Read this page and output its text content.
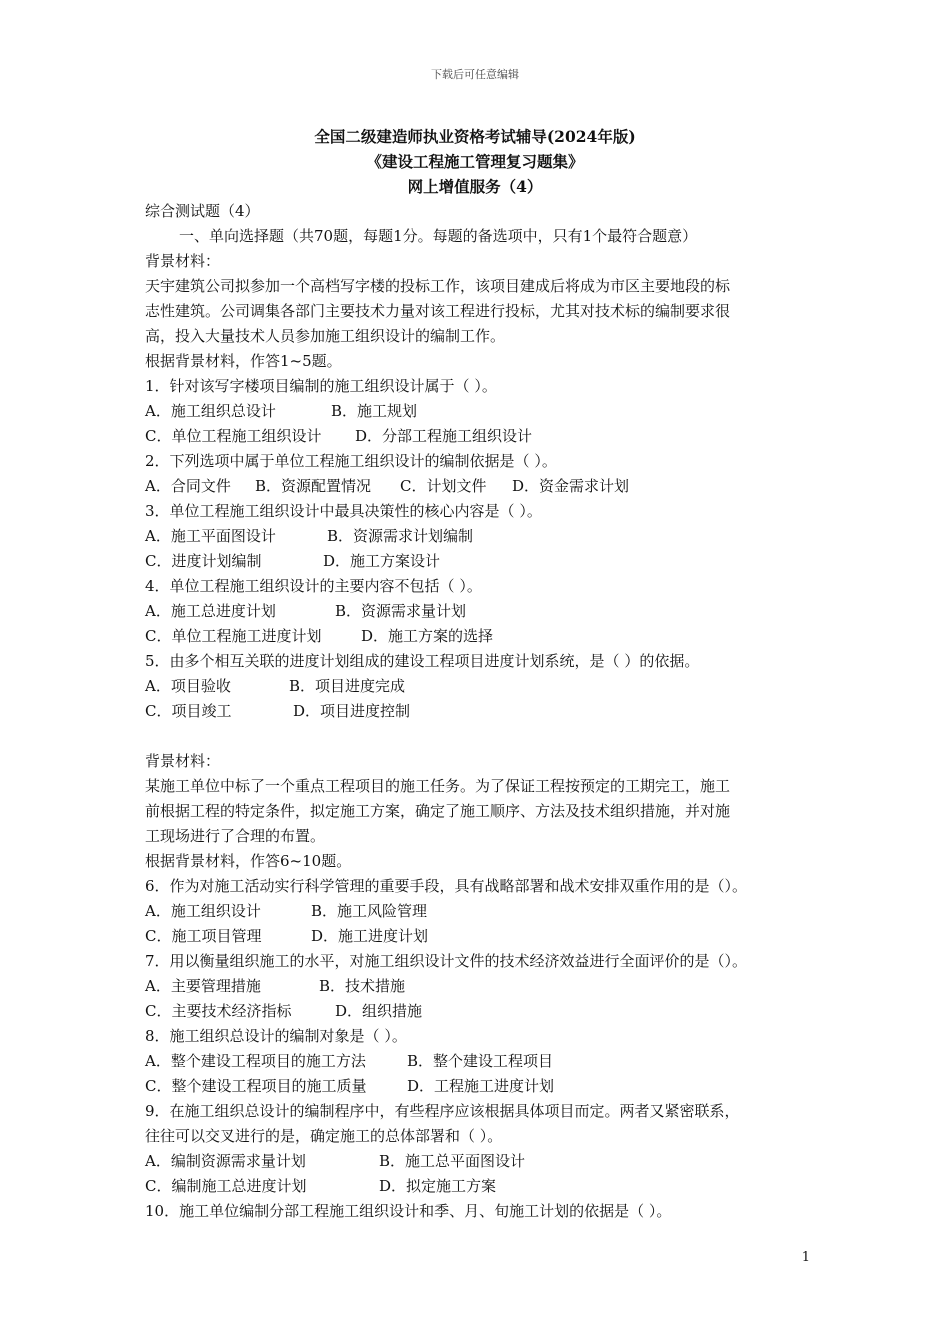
下载后可任意编辑
全国二级建造师执业资格考试辅导(2024年版)
《建设工程施工管理复习题集》
网上增值服务（4）
综合测试题（4）
一、单向选择题（共70题，每题1分。每题的备选项中，只有1个最符合题意）
背景材料：
天宇建筑公司拟参加一个高档写字楼的投标工作，该项目建成后将成为市区主要地段的标
志性建筑。公司调集各部门主要技术力量对该工程进行投标，尤其对技术标的编制要求很
高，投入大量技术人员参加施工组织设计的编制工作。
根据背景材料，作答1~5题。
1．针对该写字楼项目编制的施工组织设计属于（ ）。
A．施工组织总设计	B．施工规划
C．单位工程施工组织设计 D．分部工程施工组织设计
2．下列选项中属于单位工程施工组织设计的编制依据是（ ）。
A．合同文件 B．资源配置情况 C．计划文件 D．资金需求计划
3．单位工程施工组织设计中最具决策性的核心内容是（ ）。
A．施工平面图设计	B．资源需求计划编制
C．进度计划编制	D．施工方案设计
4．单位工程施工组织设计的主要内容不包括（ ）。
A．施工总进度计划	B．资源需求量计划
C．单位工程施工进度计划	D．施工方案的选择
5．由多个相互关联的进度计划组成的建设工程项目进度计划系统，是（ ）的依据。
A．项目验收	B．项目进度完成
C．项目竣工	D．项目进度控制
背景材料：
某施工单位中标了一个重点工程项目的施工任务。为了保证工程按预定的工期完工，施工
前根据工程的特定条件，拟定施工方案，确定了施工顺序、方法及技术组织措施，并对施
工现场进行了合理的布置。
根据背景材料，作答6~10题。
6．作为对施工活动实行科学管理的重要手段，具有战略部署和战术安排双重作用的是（）。
A．施工组织设计	B．施工风险管理
C．施工项目管理	D．施工进度计划
7．用以衡量组织施工的水平，对施工组织设计文件的技术经济效益进行全面评价的是（）。
A．主要管理措施	B．技术措施
C．主要技术经济指标	D．组织措施
8．施工组织总设计的编制对象是（ ）。
A．整个建设工程项目的施工方法	B．整个建设工程项目
C．整个建设工程项目的施工质量	D．工程施工进度计划
9．在施工组织总设计的编制程序中，有些程序应该根据具体项目而定。两者又紧密联系，
往往可以交叉进行的是，确定施工的总体部署和（ ）。
A．编制资源需求量计划	B．施工总平面图设计
C．编制施工总进度计划	D．拟定施工方案
10．施工单位编制分部工程施工组织设计和季、月、旬施工计划的依据是（ ）。
1
